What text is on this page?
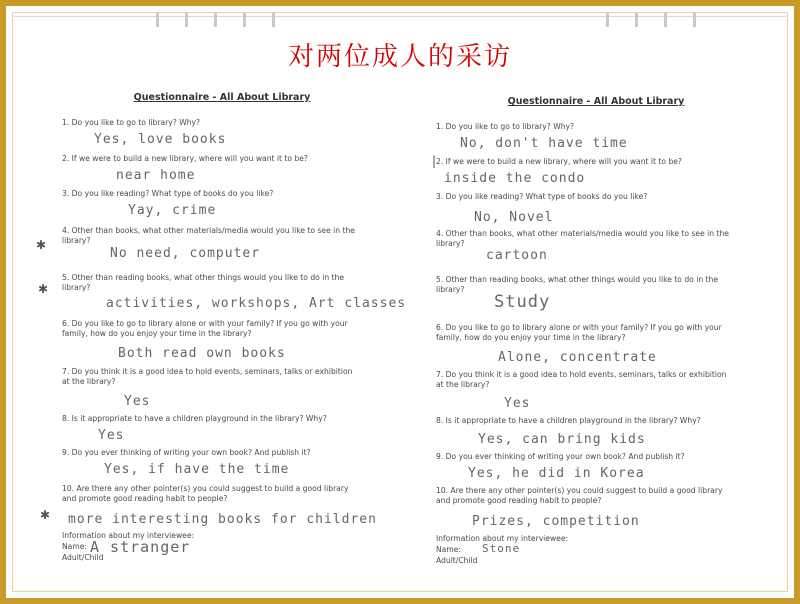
对两位成人的采访
Questionnaire - All About Library
1. Do you like to go to library? Why?
Yes, love books
2. If we were to build a new library, where will you want it to be?
near home
3. Do you like reading? What type of books do you like?
Yay, crime
4. Other than books, what other materials/media would you like to see in the library?
✱
No need, computer
5. Other than reading books, what other things would you like to do in the library?
✱
activities, workshops, Art classes
6. Do you like to go to library alone or with your family? If you go with your family, how do you enjoy your time in the library?
Both read own books
7. Do you think it is a good idea to hold events, seminars, talks or exhibition at the library?
Yes
8. Is it appropriate to have a children playground in the library? Why?
Yes
9. Do you ever thinking of writing your own book? And publish it?
Yes, if have the time
10. Are there any other pointer(s) you could suggest to build a good library and promote good reading habit to people?
✱ more interesting books for children
Information about my interviewee:
Name: A stranger
Adult/Child
Questionnaire - All About Library
1. Do you like to go to library? Why?
No, don't have time
| 2. If we were to build a new library, where will you want it to be?
inside the condo
3. Do you like reading? What type of books do you like?
No, Novel
4. Other than books, what other materials/media would you like to see in the library?
cartoon
5. Other than reading books, what other things would you like to do in the library?
Study
6. Do you like to go to library alone or with your family? If you go with your family, how do you enjoy your time in the library?
Alone, concentrate
7. Do you think it is a good idea to hold events, seminars, talks or exhibition at the library?
Yes
8. Is it appropriate to have a children playground in the library? Why?
Yes, can bring kids
9. Do you ever thinking of writing your own book? And publish it?
Yes, he did in Korea
10. Are there any other pointer(s) you could suggest to build a good library and promote good reading habit to people?
Prizes, competition
Information about my interviewee:
Name: Stone
Adult/Child
